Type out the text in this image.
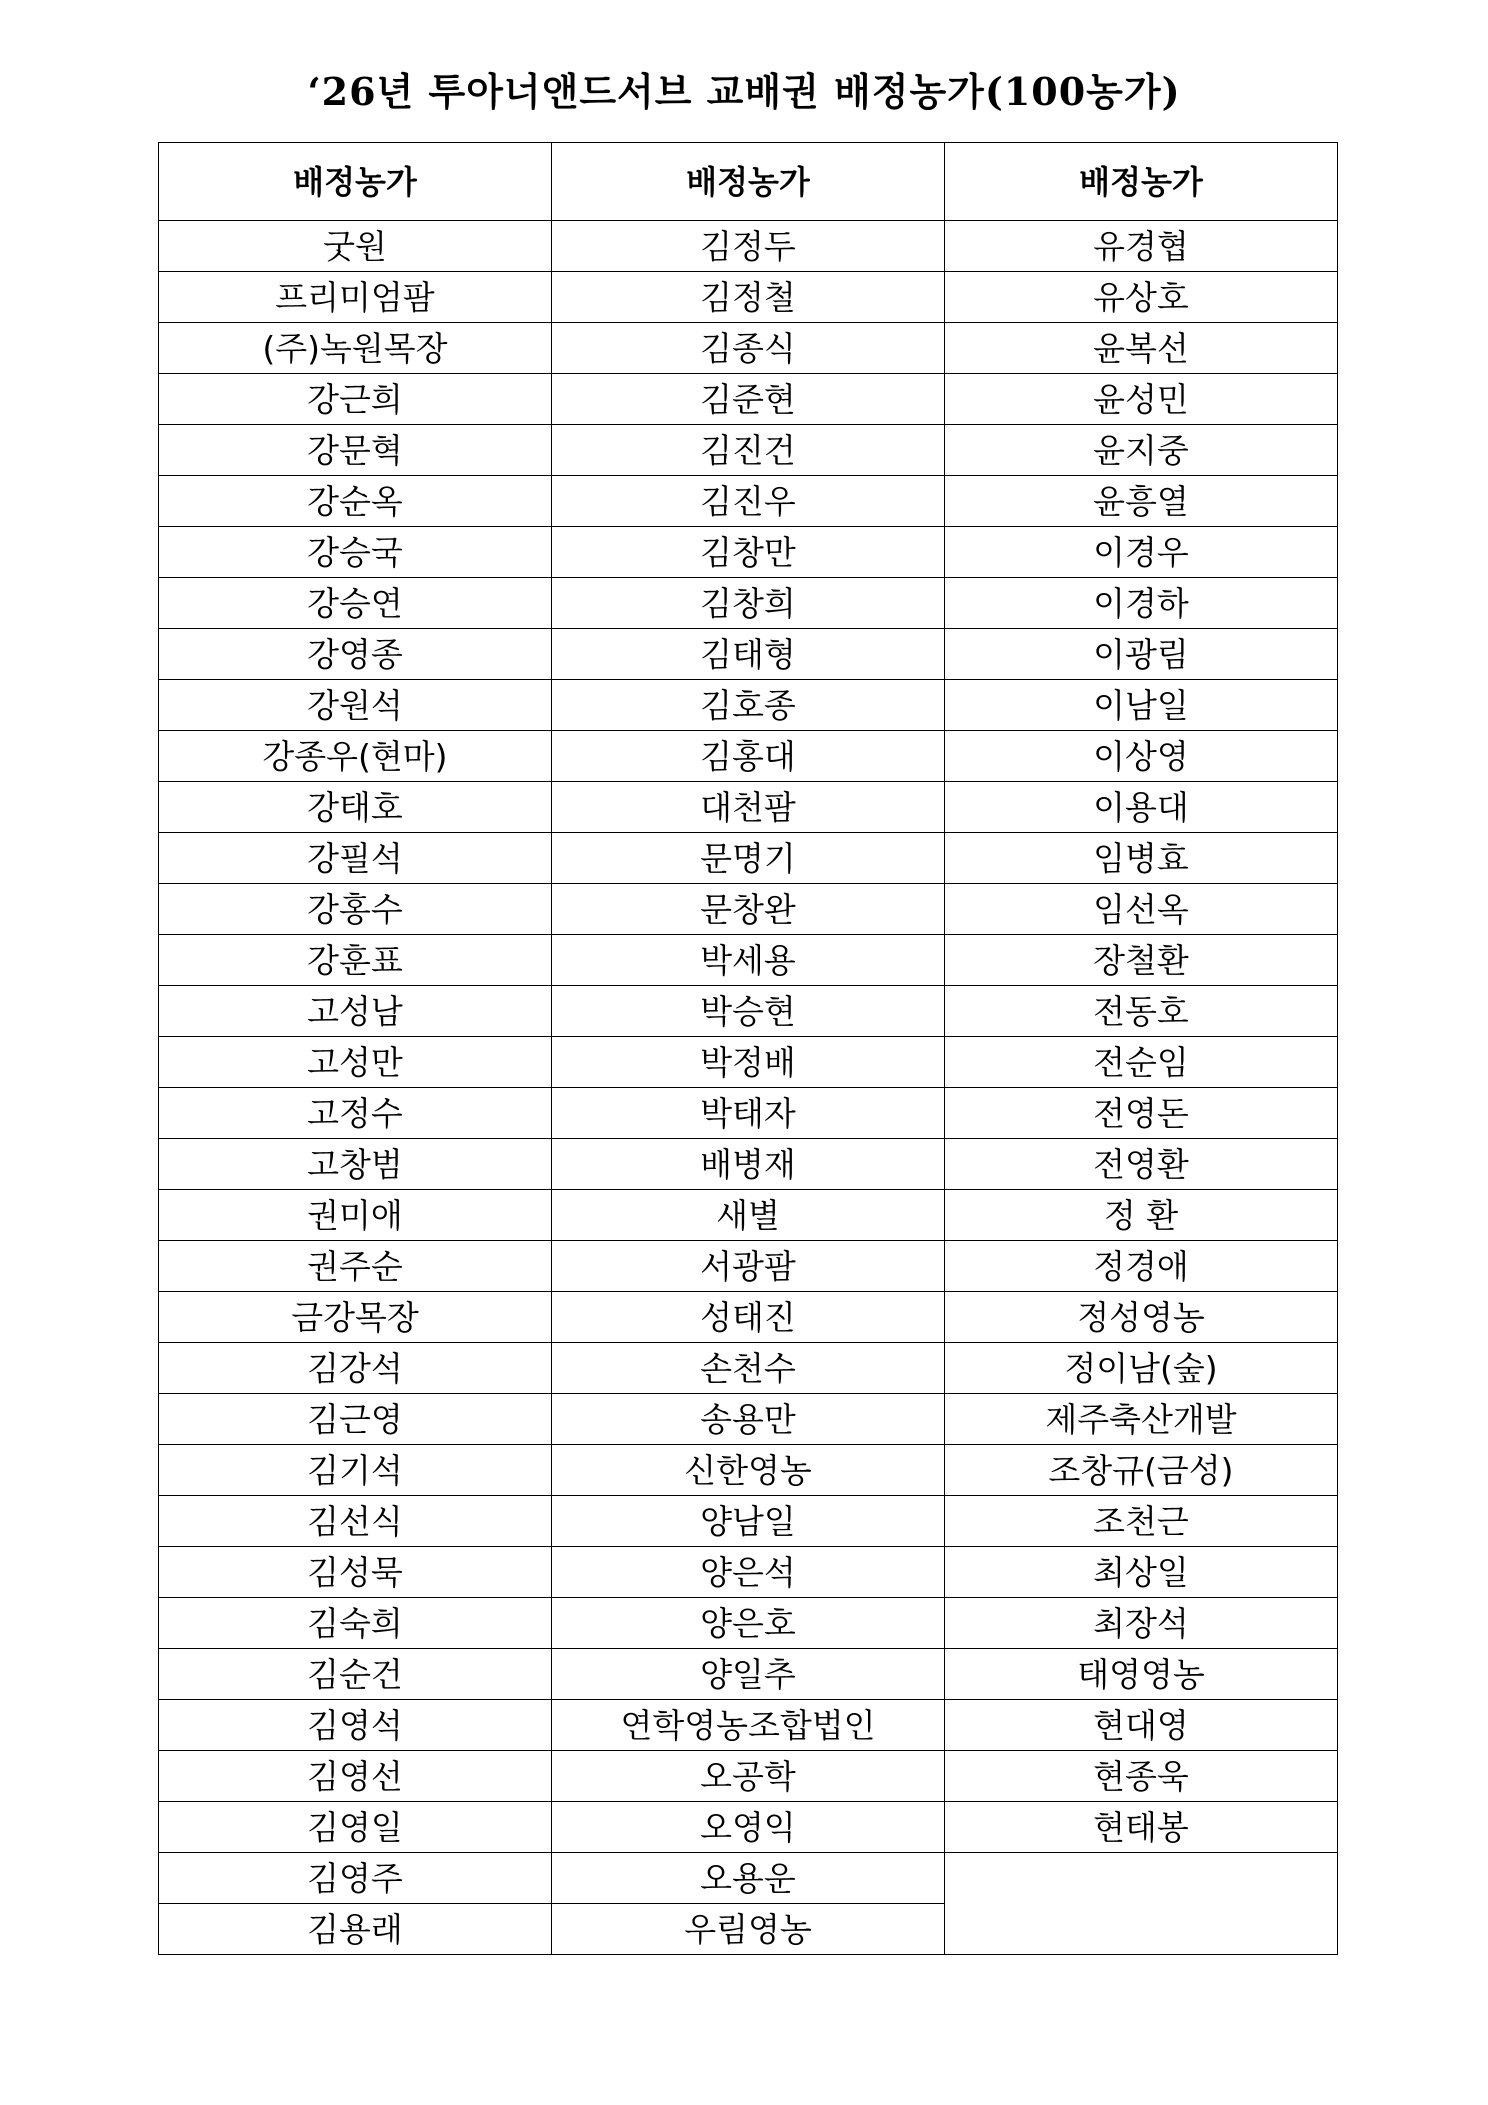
‘26년 투아너앤드서브 교배권 배정농가(100농가)
배정농가	배정농가	배정농가
굿원	김정두	유경협
프리미엄팜	김정철	유상호
(주)녹원목장	김종식	윤복선
강근희	김준현	윤성민
강문혁	김진건	윤지중
강순옥	김진우	윤흥열
강승국	김창만	이경우
강승연	김창희	이경하
강영종	김태형	이광림
강원석	김호종	이남일
강종우(현마)	김홍대	이상영
강태호	대천팜	이용대
강필석	문명기	임병효
강홍수	문창완	임선옥
강훈표	박세용	장철환
고성남	박승현	전동호
고성만	박정배	전순임
고정수	박태자	전영돈
고창범	배병재	전영환
권미애	새별	정 환
권주순	서광팜	정경애
금강목장	성태진	정성영농
김강석	손천수	정이남(숲)
김근영	송용만	제주축산개발
김기석	신한영농	조창규(금성)
김선식	양남일	조천근
김성묵	양은석	최상일
김숙희	양은호	최장석
김순건	양일추	태영영농
김영석	연학영농조합법인	현대영
김영선	오공학	현종욱
김영일	오영익	현태봉
김영주	오용운	
김용래	우림영농	
